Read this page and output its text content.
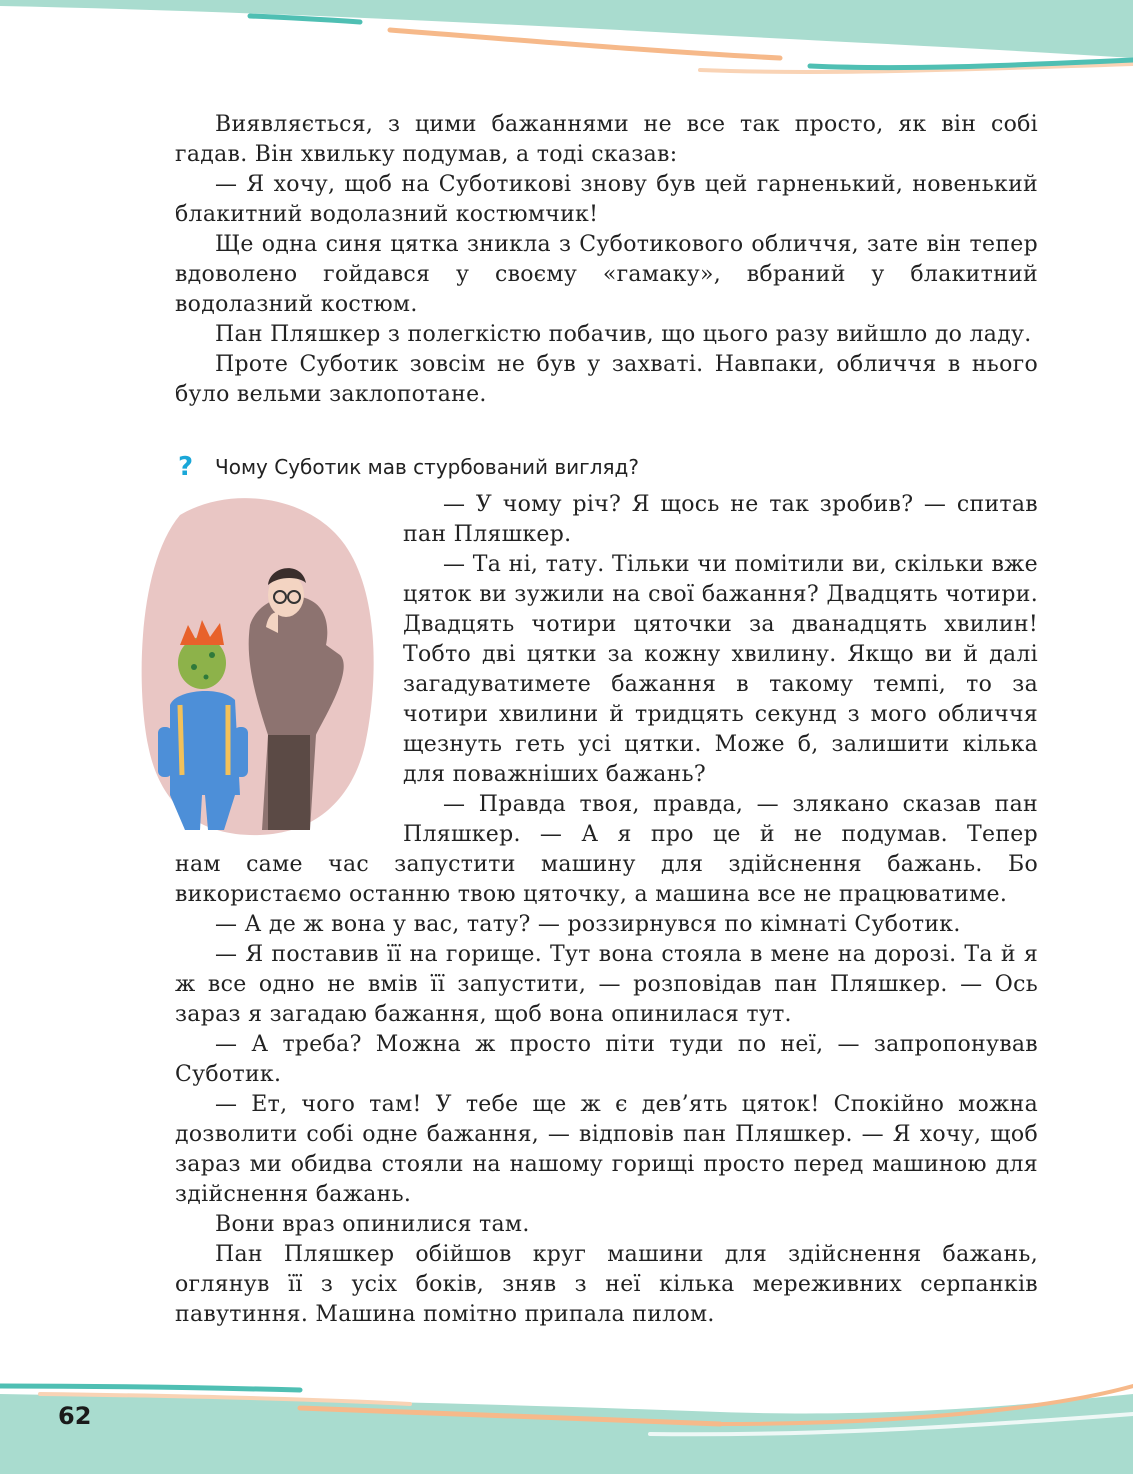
Виявляється, з цими бажаннями не все так просто, як він собі гадав. Він хвильку подумав, а тоді сказав:

— Я хочу, щоб на Суботикові знову був цей гарненький, новенький блакитний водолазний костюмчик!

Ще одна синя цятка зникла з Суботикового обличчя, зате він тепер вдоволено гойдався у своєму «гамаку», вбраний у блакитний водолазний костюм.

Пан Пляшкер з полегкістю побачив, що цього разу вийшло до ладу.

Проте Суботик зовсім не був у захваті. Навпаки, обличчя в нього було вельми заклопотане.

? Чому Суботик мав стурбований вигляд?

— У чому річ? Я щось не так зробив? — спитав пан Пляшкер.

— Та ні, тату. Тільки чи помітили ви, скільки вже цяток ви зужили на свої бажання? Двадцять чотири. Двадцять чотири цяточки за дванадцять хвилин! Тобто дві цятки за кожну хвилину. Якщо ви й далі загадуватимете бажання в такому темпі, то за чотири хвилини й тридцять секунд з мого обличчя щезнуть геть усі цятки. Може б, залишити кілька для поважніших бажань?

— Правда твоя, правда, — злякано сказав пан Пляшкер. — А я про це й не подумав. Тепер

нам саме час запустити машину для здійснення бажань. Бо використаємо останню твою цяточку, а машина все не працюватиме.

— А де ж вона у вас, тату? — роззирнувся по кімнаті Суботик.

— Я поставив її на горище. Тут вона стояла в мене на дорозі. Та й я ж все одно не вмів її запустити, — розповідав пан Пляшкер. — Ось зараз я загадаю бажання, щоб вона опинилася тут.

— А треба? Можна ж просто піти туди по неї, — запропонував Суботик.

— Ет, чого там! У тебе ще ж є дев’ять цяток! Спокійно можна дозволити собі одне бажання, — відповів пан Пляшкер. — Я хочу, щоб зараз ми обидва стояли на нашому горищі просто перед машиною для здійснення бажань.

Вони враз опинилися там.

Пан Пляшкер обійшов круг машини для здійснення бажань, оглянув її з усіх боків, зняв з неї кілька мереживних серпанків павутиння. Машина помітно припала пилом.

62
